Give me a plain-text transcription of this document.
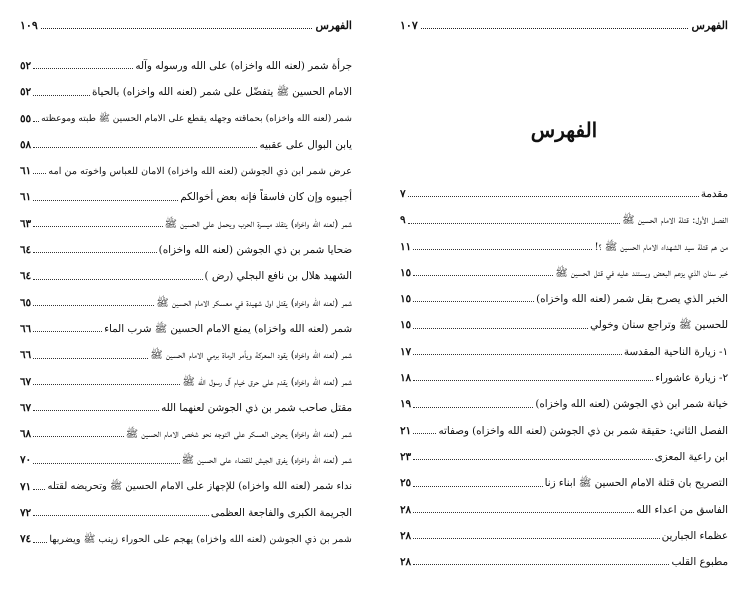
الفهرس
١٠٩
جرأة شمر (لعنه الله واخزاه) على الله ورسوله وآله
٥٢
الامام الحسين ﷺ يتفضّل على شمر (لعنه الله واخزاه) بالحياة
٥٢
شمر (لعنه الله واخزاه) بحماقته وجهله يقطع على الامام الحسين ﷺ طبته وموعظته
٥٥
يابن البوال على عقبيه
٥٨
عرض شمر ابن ذي الجوشن (لعنه الله واخزاه) الامان للعباس واخوته من امه
٦١
أجيبوه وإن كان فاسقاً فإنه بعض أخوالكم
٦١
شمر (لعنه الله واخزاه) يتقلد ميسرة الحرب ويحمل على الحسين ﷺ
٦٣
ضحايا شمر بن ذي الجوشن (لعنه الله واخزاه)
٦٤
الشهيد هلال بن نافع البجلي (رض )
٦٤
شمر (لعنه الله واخزاه) يقتل اول شهيدة في معسكر الامام الحسين ﷺ
٦٥
شمر (لعنه الله واخزاه) يمنع الامام الحسين ﷺ شرب الماء
٦٦
شمر (لعنه الله واخزاه) يقود المعركة ويأمر الرماة برمي الامام الحسين ﷺ
٦٦
شمر (لعنه الله واخزاه) يقدم على حرق خيام آل رسول الله ﷺ
٦٧
مقتل صاحب شمر بن ذي الجوشن لعنهما الله
٦٧
شمر (لعنه الله واخزاه) يحرض العسكر على التوجه نحو شخص الامام الحسين ﷺ
٦٨
شمر (لعنه الله واخزاه) يفرق الجيش للقضاء على الحسين ﷺ
٧٠
نداء شمر (لعنه الله واخزاه) للإجهاز على الامام الحسين ﷺ وتحريضه لقتله
٧١
الجريمة الكبرى والفاجعة العظمى
٧٢
شمر بن ذي الجوشن (لعنه الله واخزاه) يهجم على الحوراء زينب ﷺ ويضربها
٧٤
الفهرس
١٠٧
الفهرس
مقدمة
٧
الفصل الأول: قتلة الامام الحسين ﷺ
٩
من هم قتلة سيد الشهداء الامام الحسين ﷺ ؟!
١١
خبر سنان الذي يزعم البعض ويستند عليه في قتل الحسين ﷺ
١٥
الخبر الذي يصرح بقل شمر (لعنه الله واخزاه)
١٥
للحسين ﷺ وتراجع سنان وخولي
١٥
١- زيارة الناحية المقدسة
١٧
٢- زيارة عاشوراء
١٨
خيانة شمر ابن ذي الجوشن (لعنه الله واخزاه)
١٩
الفصل الثاني: حقيقة شمر بن ذي الجوشن (لعنه الله واخزاه) وصفاته
٢١
ابن راعية المعزى
٢٣
التصريح بان قتلة الامام الحسين ﷺ ابناء زنا
٢٥
الفاسق من اعداء الله
٢٨
عظماء الجبارين
٢٨
مطبوع القلب
٢٨
